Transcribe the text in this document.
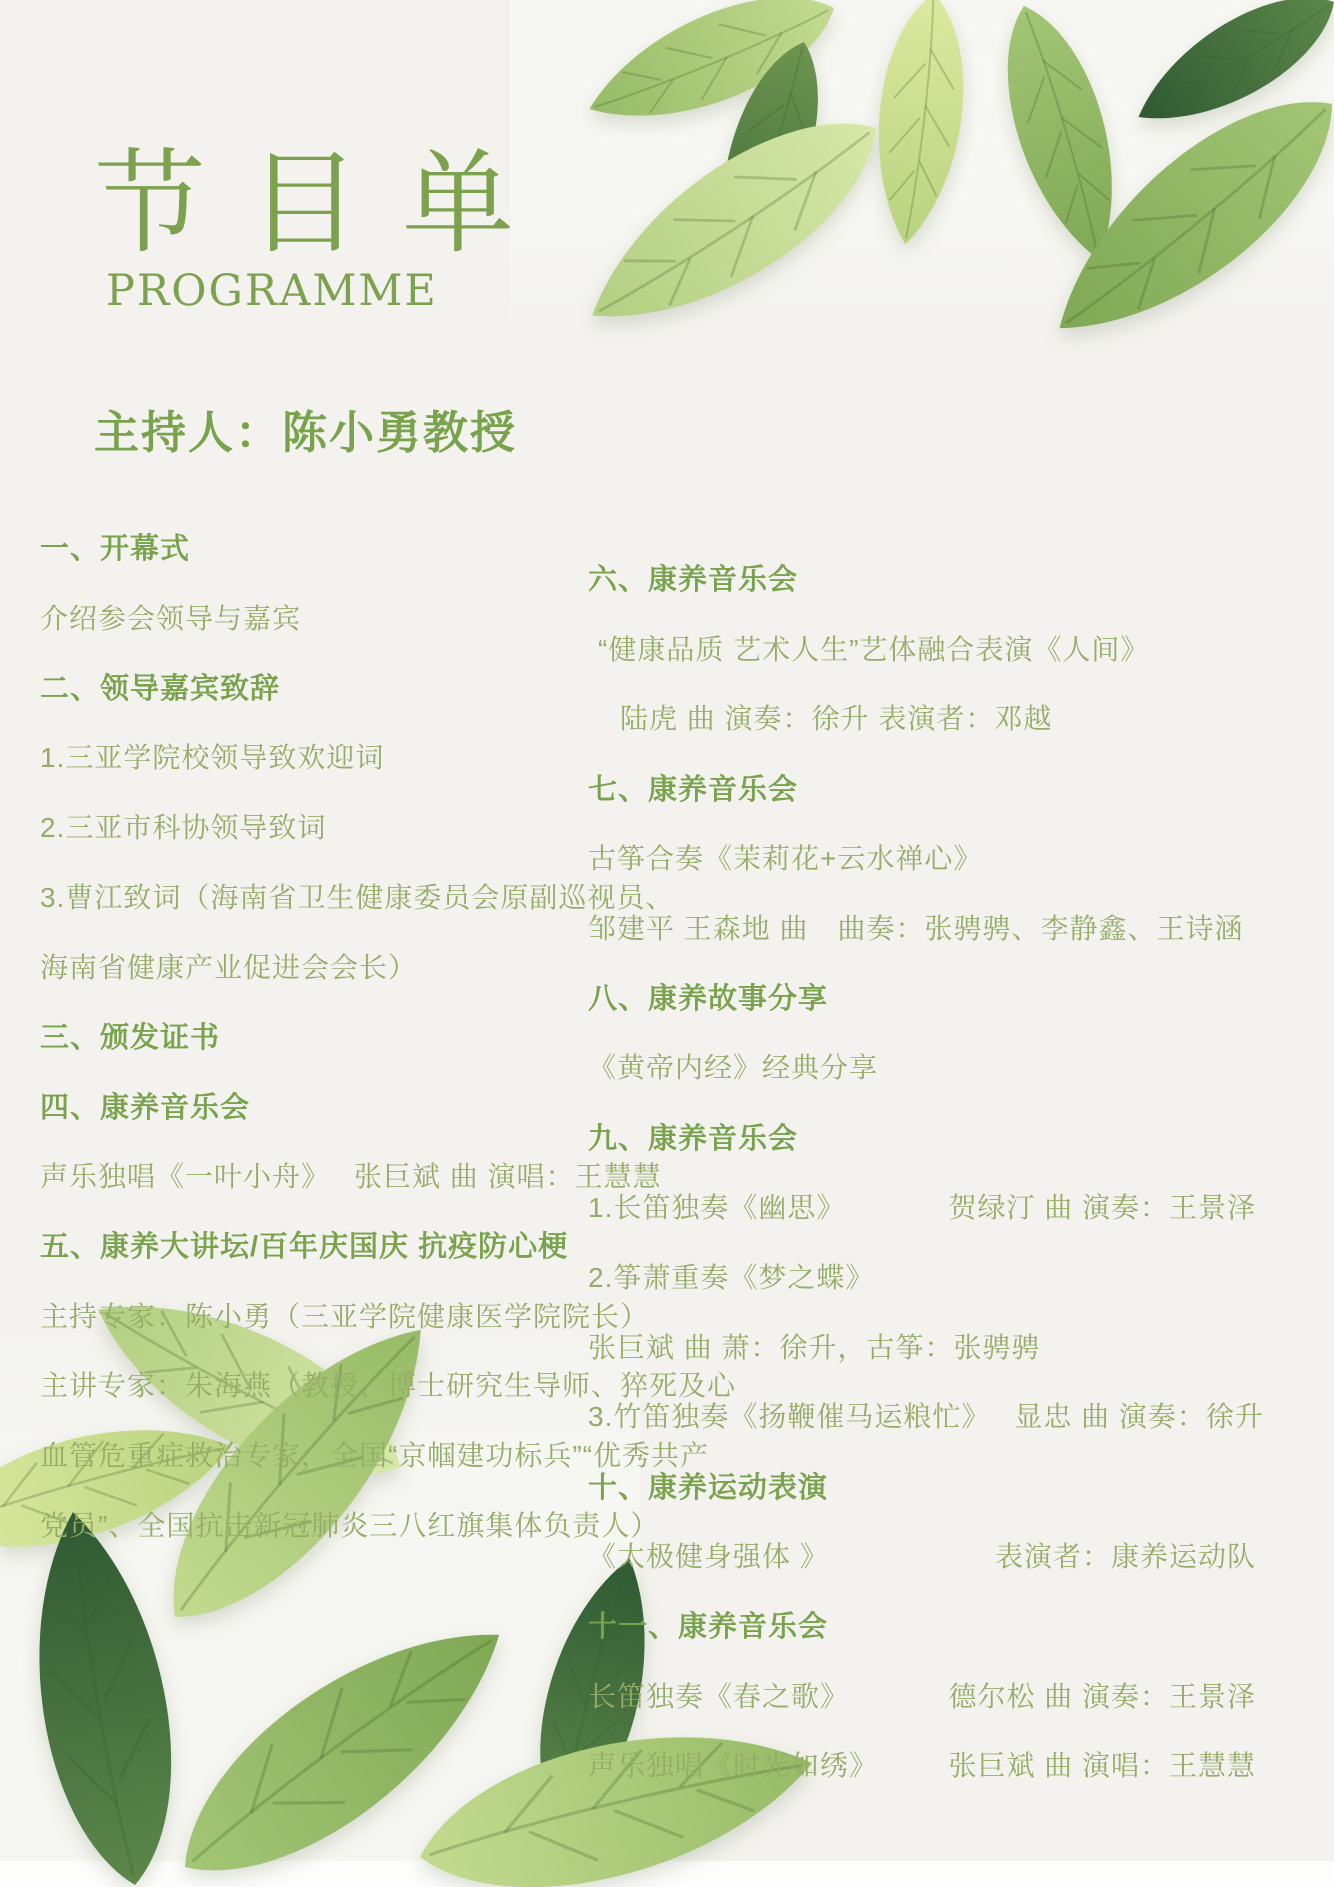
节目单
PROGRAMME
主持人：陈小勇教授
一、开幕式
介绍参会领导与嘉宾
二、领导嘉宾致辞
1.三亚学院校领导致欢迎词
2.三亚市科协领导致词
3.曹江致词（海南省卫生健康委员会原副巡视员、
海南省健康产业促进会会长）
三、颁发证书
四、康养音乐会
声乐独唱《一叶小舟》 张巨斌 曲 演唱：王慧慧
五、康养大讲坛/百年庆国庆 抗疫防心梗
主持专家：陈小勇（三亚学院健康医学院院长）
主讲专家：朱海燕（教授、博士研究生导师、猝死及心
血管危重症救治专家，全国“京帼建功标兵”“优秀共产
党员”、全国抗击新冠肺炎三八红旗集体负责人）
六、康养音乐会
“健康品质 艺术人生”艺体融合表演《人间》
陆虎 曲 演奏：徐升 表演者：邓越
七、康养音乐会
古筝合奏《茉莉花+云水禅心》
邹建平 王森地 曲　曲奏：张骋骋、李静鑫、王诗涵
八、康养故事分享
《黄帝内经》经典分享
九、康养音乐会
1.长笛独奏《幽思》	贺绿汀 曲 演奏：王景泽
2.筝萧重奏《梦之蝶》
张巨斌 曲 萧：徐升，古筝：张骋骋
3.竹笛独奏《扬鞭催马运粮忙》 显忠 曲 演奏：徐升
十、康养运动表演
《太极健身强体 》	表演者：康养运动队
十一、康养音乐会
长笛独奏《春之歌》	德尔松 曲 演奏：王景泽
声乐独唱《时光如绣》	张巨斌 曲 演唱：王慧慧
